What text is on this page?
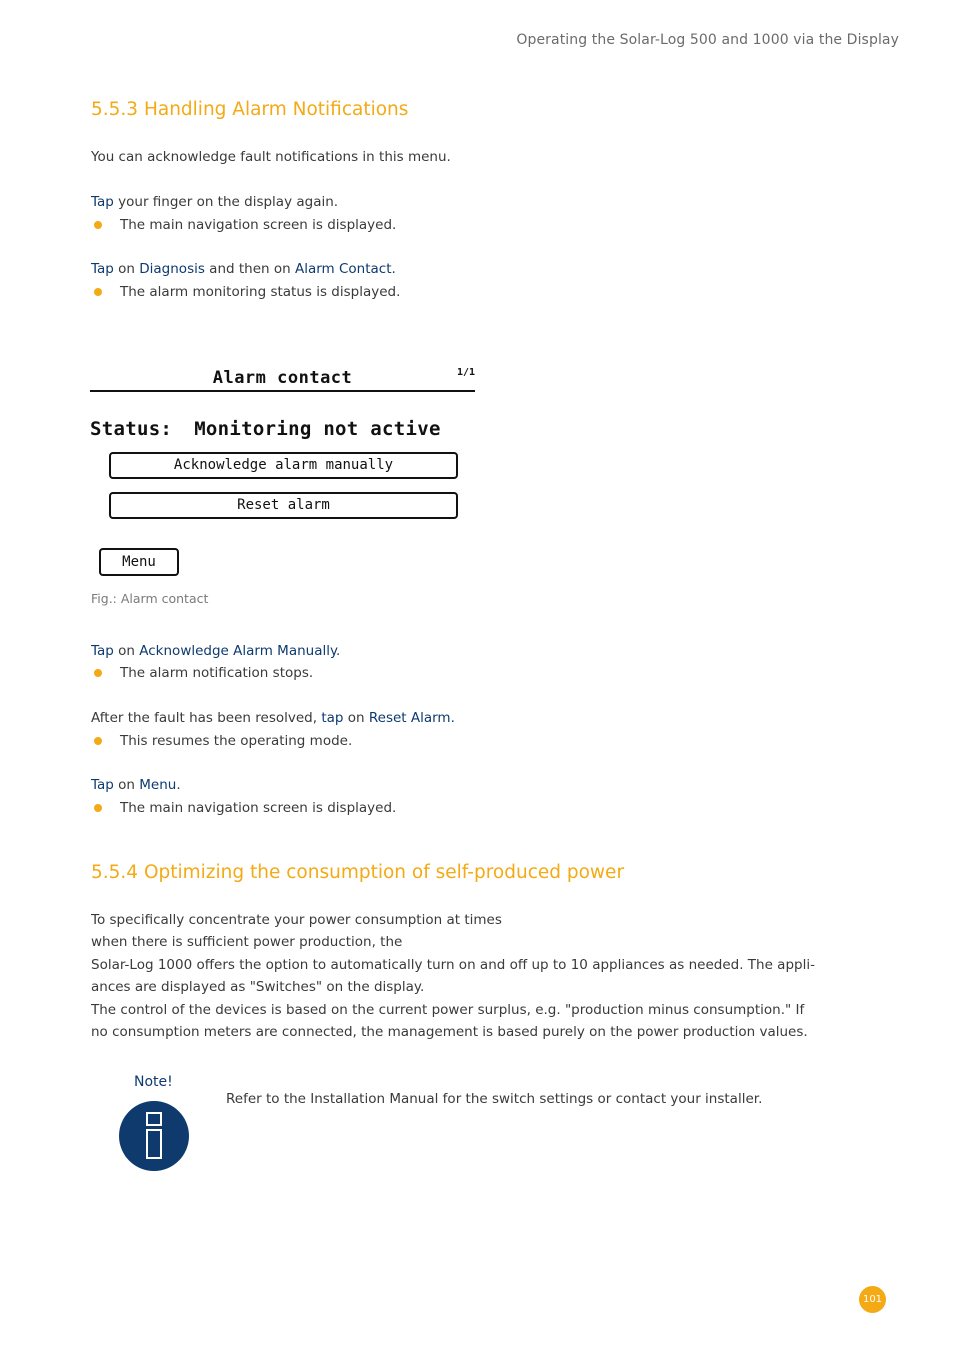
Operating the Solar-Log 500 and 1000 via the Display
5.5.3 Handling Alarm Notifications
You can acknowledge fault notifications in this menu.
Tap your finger on the display again.
The main navigation screen is displayed.
Tap on Diagnosis and then on Alarm Contact.
The alarm monitoring status is displayed.
Alarm contact	1/1
Status: Monitoring not active
Acknowledge alarm manually
Reset alarm
Menu
Fig.: Alarm contact
Tap on Acknowledge Alarm Manually.
The alarm notification stops.
After the fault has been resolved, tap on Reset Alarm.
This resumes the operating mode.
Tap on Menu.
The main navigation screen is displayed.
5.5.4 Optimizing the consumption of self-produced power
To specifically concentrate your power consumption at times
when there is sufficient power production, the
Solar-Log 1000 offers the option to automatically turn on and off up to 10 appliances as needed. The appli-
ances are displayed as "Switches" on the display.
The control of the devices is based on the current power surplus, e.g. "production minus consumption." If
no consumption meters are connected, the management is based purely on the power production values.
Note!
Refer to the Installation Manual for the switch settings or contact your installer.
101
